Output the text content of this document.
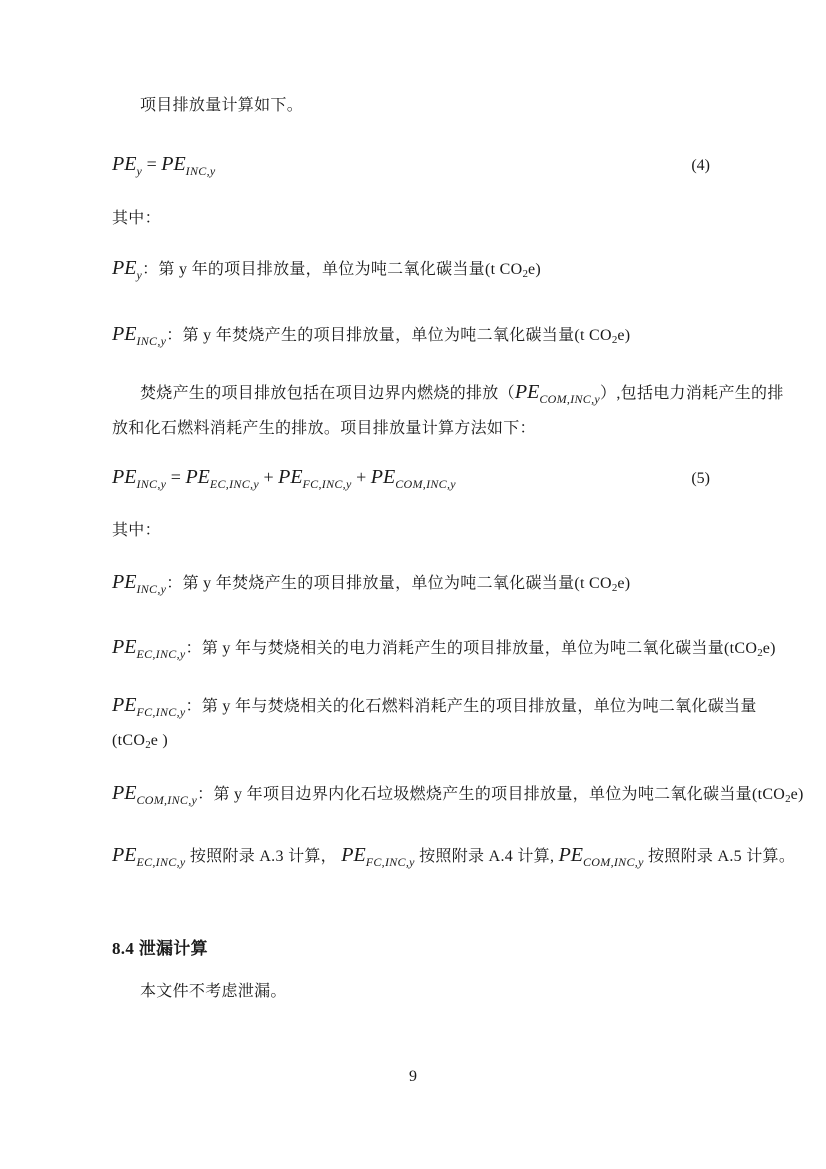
项目排放量计算如下。
$PE_y = PE_{INC,y}$	(4)
其中：
$PE_y$：第 y 年的项目排放量，单位为吨二氧化碳当量(t CO2e)
$PE_{INC,y}$：第 y 年焚烧产生的项目排放量，单位为吨二氧化碳当量(t CO2e)
焚烧产生的项目排放包括在项目边界内燃烧的排放$(PE_{COM,INC,y})$,包括电力消耗产生的排
放和化石燃料消耗产生的排放。项目排放量计算方法如下：
$PE_{INC,y} = PE_{EC,INC,y} + PE_{FC,INC,y} + PE_{COM,INC,y}$	(5)
其中：
$PE_{INC,y}$：第 y 年焚烧产生的项目排放量，单位为吨二氧化碳当量(t CO2e)
$PE_{EC,INC,y}$：第 y 年与焚烧相关的电力消耗产生的项目排放量，单位为吨二氧化碳当量(tCO2e)
$PE_{FC,INC,y}$：第 y 年与焚烧相关的化石燃料消耗产生的项目排放量，单位为吨二氧化碳当量
(tCO2e )
$PE_{COM,INC,y}$：第 y 年项目边界内化石垃圾燃烧产生的项目排放量，单位为吨二氧化碳当量(tCO2e)
$PE_{EC,INC,y}$ 按照附录 A.3 计算， $PE_{FC,INC,y}$ 按照附录 A.4 计算, $PE_{COM,INC,y}$ 按照附录 A.5 计算。
8.4 泄漏计算
本文件不考虑泄漏。
9
